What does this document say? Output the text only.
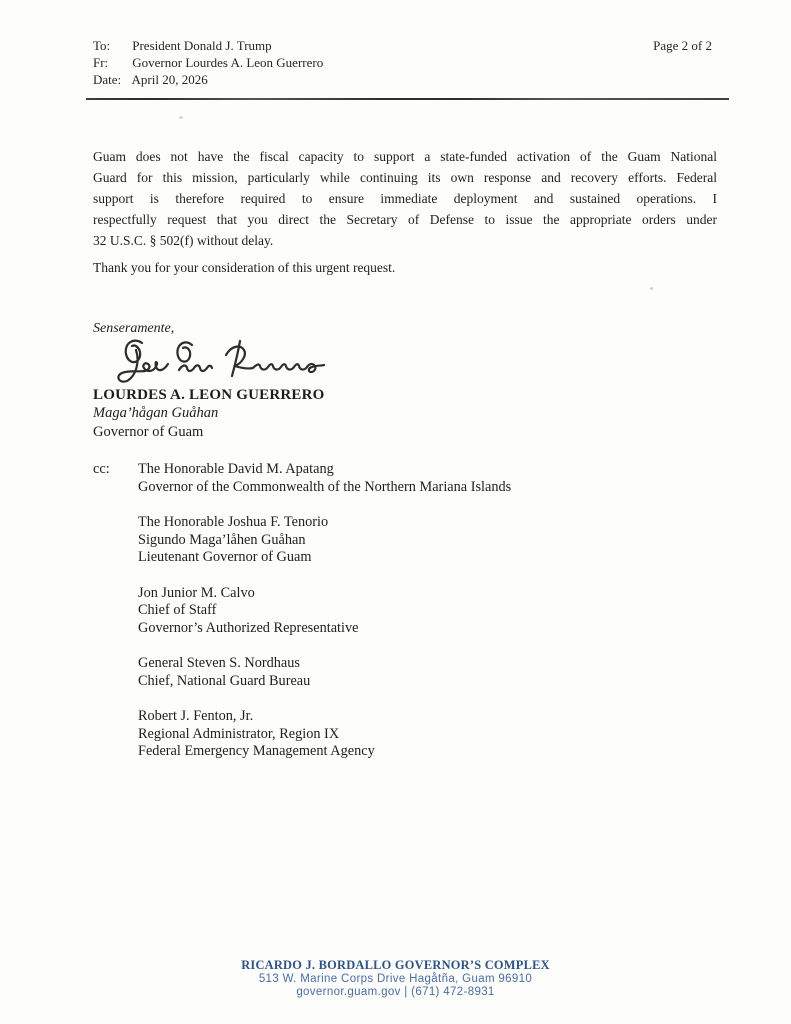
To: President Donald J. Trump
Fr: Governor Lourdes A. Leon Guerrero
Date: April 20, 2026
Page 2 of 2
Guam does not have the fiscal capacity to support a state-funded activation of the Guam National
Guard for this mission, particularly while continuing its own response and recovery efforts. Federal
support is therefore required to ensure immediate deployment and sustained operations. I
respectfully request that you direct the Secretary of Defense to issue the appropriate orders under
32 U.S.C. § 502(f) without delay.
Thank you for your consideration of this urgent request.
Senseramente,
LOURDES A. LEON GUERRERO
Maga’hågan Guåhan
Governor of Guam
cc:	The Honorable David M. Apatang
Governor of the Commonwealth of the Northern Mariana Islands
The Honorable Joshua F. Tenorio
Sigundo Maga’låhen Guåhan
Lieutenant Governor of Guam
Jon Junior M. Calvo
Chief of Staff
Governor’s Authorized Representative
General Steven S. Nordhaus
Chief, National Guard Bureau
Robert J. Fenton, Jr.
Regional Administrator, Region IX
Federal Emergency Management Agency
RICARDO J. BORDALLO GOVERNOR’S COMPLEX
513 W. Marine Corps Drive Hagåtña, Guam 96910
governor.guam.gov | (671) 472-8931
